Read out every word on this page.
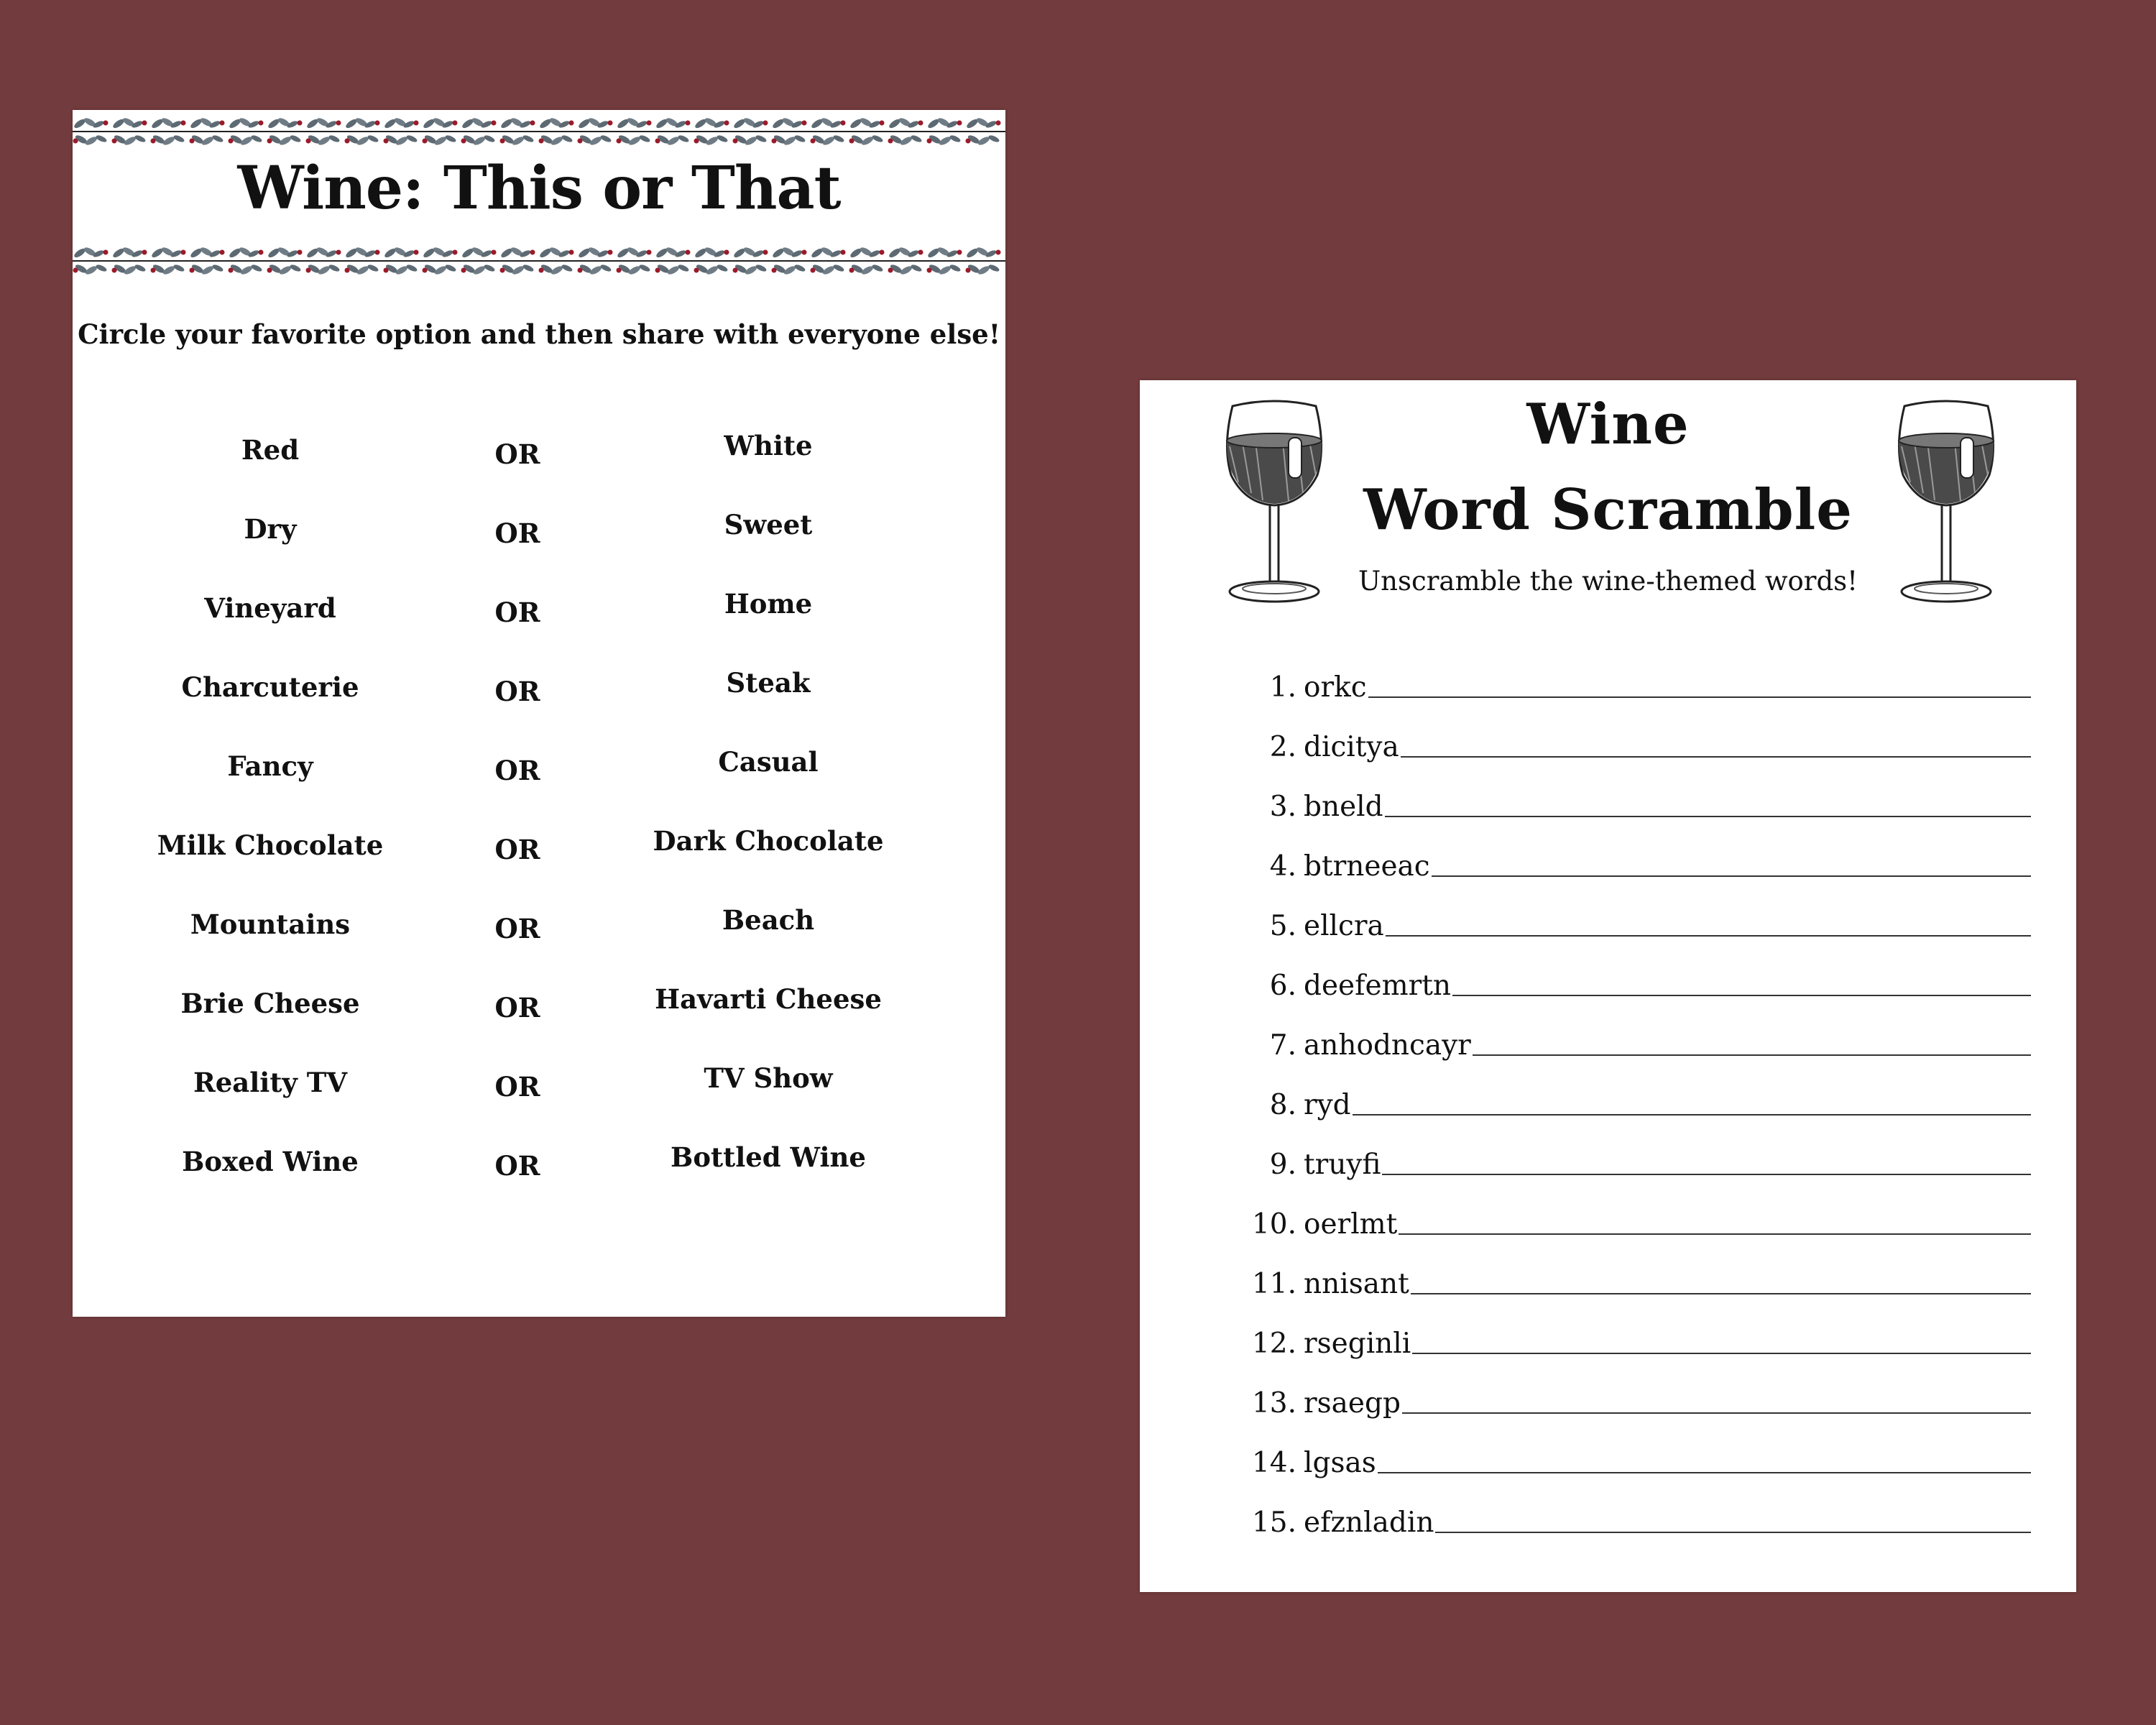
Wine: This or That
Circle your favorite option and then share with everyone else!
Red	OR	White
Dry	OR	Sweet
Vineyard	OR	Home
Charcuterie	OR	Steak
Fancy	OR	Casual
Milk Chocolate	OR	Dark Chocolate
Mountains	OR	Beach
Brie Cheese	OR	Havarti Cheese
Reality TV	OR	TV Show
Boxed Wine	OR	Bottled Wine
Wine
Word Scramble
Unscramble the wine-themed words!
1. orkc
2. dicitya
3. bneld
4. btrneeac
5. ellcra
6. deefemrtn
7. anhodncayr
8. ryd
9. truyfi
10. oerlmt
11. nnisant
12. rseginli
13. rsaegp
14. lgsas
15. efznladin
